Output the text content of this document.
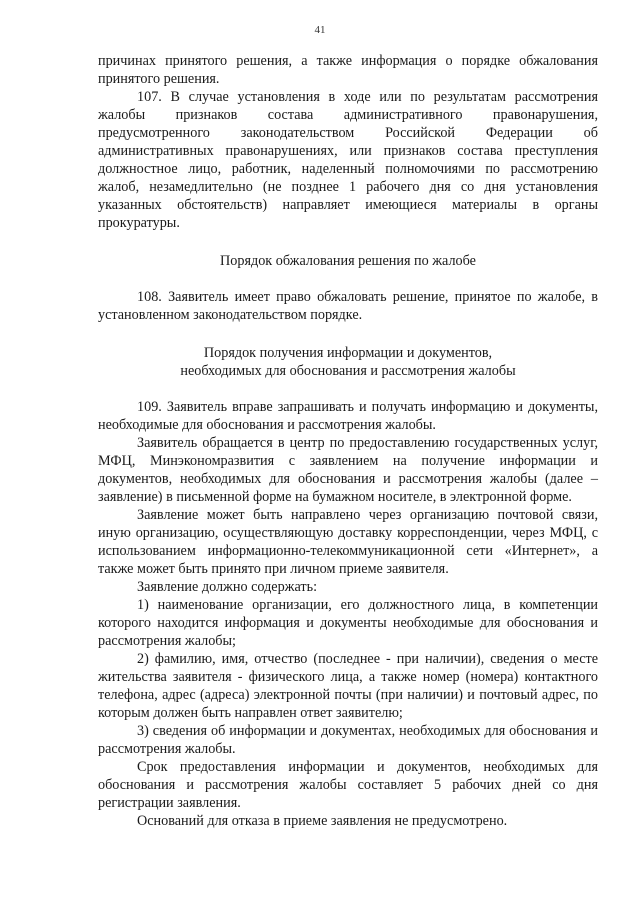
41

причинах принятого решения, а также информация о порядке обжалования принятого решения.

107. В случае установления в ходе или по результатам рассмотрения жалобы признаков состава административного правонарушения, предусмотренного законодательством Российской Федерации об административных правонарушениях, или признаков состава преступления должностное лицо, работник, наделенный полномочиями по рассмотрению жалоб, незамедлительно (не позднее 1 рабочего дня со дня установления указанных обстоятельств) направляет имеющиеся материалы в органы прокуратуры.

Порядок обжалования решения по жалобе

108. Заявитель имеет право обжаловать решение, принятое по жалобе, в установленном законодательством порядке.

Порядок получения информации и документов,

необходимых для обоснования и рассмотрения жалобы

109. Заявитель вправе запрашивать и получать информацию и документы, необходимые для обоснования и рассмотрения жалобы.

Заявитель обращается в центр по предоставлению государственных услуг, МФЦ, Минэкономразвития с заявлением на получение информации и документов, необходимых для обоснования и рассмотрения жалобы (далее – заявление) в письменной форме на бумажном носителе, в электронной форме.

Заявление может быть направлено через организацию почтовой связи, иную организацию, осуществляющую доставку корреспонденции, через МФЦ, с использованием информационно-телекоммуникационной сети «Интернет», а также может быть принято при личном приеме заявителя.

Заявление должно содержать:

1) наименование организации, его должностного лица, в компетенции которого находится информация и документы необходимые для обоснования и рассмотрения жалобы;

2) фамилию, имя, отчество (последнее - при наличии), сведения о месте жительства заявителя - физического лица, а также номер (номера) контактного телефона, адрес (адреса) электронной почты (при наличии) и почтовый адрес, по которым должен быть направлен ответ заявителю;

3) сведения об информации и документах, необходимых для обоснования и рассмотрения жалобы.

Срок предоставления информации и документов, необходимых для обоснования и рассмотрения жалобы составляет 5 рабочих дней со дня регистрации заявления.

Оснований для отказа в приеме заявления не предусмотрено.
